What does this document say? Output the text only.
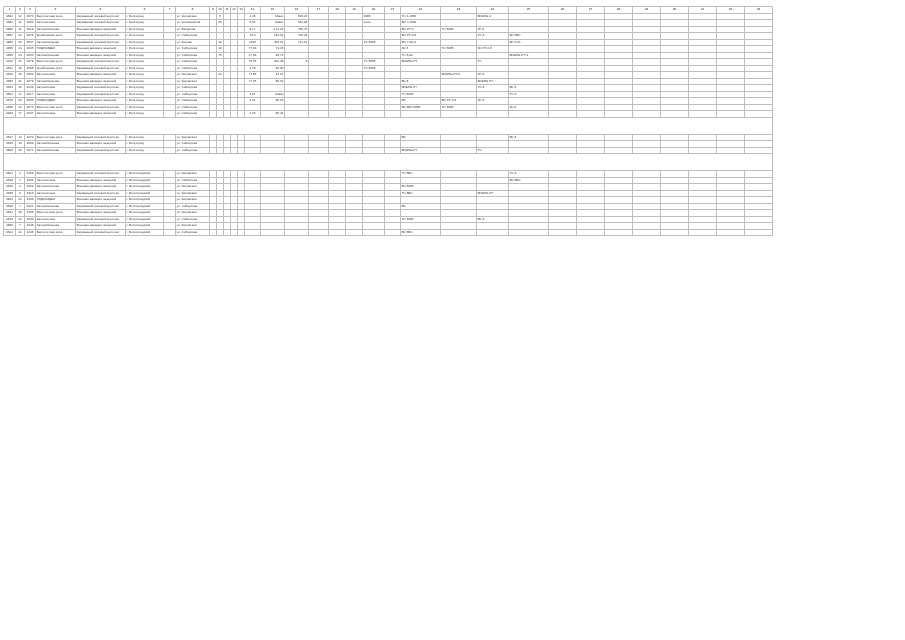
1	2	3	4	5	6	7	8	9	10	11	12	13	14	15	16	17	18	19	20	21	22	23	24	25	26	27	28	29	30	31	32	33
4821	12	4070	Вертолетная рота	Карманный полевой вертолет	г. Болгоград		ул. Кировская		5				1,15	Мами	545,23				3986		ТС 4.1956		ВОЕНЕ А									
4682	11	4060	Автоколонна	Карманный полевой вертолет	г. Болгоград		ул. Космонавтов		25				5,64	Мами	521,96				Сель		ВО 3.1600											
4950	11	4019	Автомобильная	Военная авиация лазерной	г. Болгоград		ул. Бачурина						91,7	1 41,23	786,70						ВО РТ-0	ТС 5685	ЗС 8									
4997	21	4076	Крейсерская рота	Карманный полевой вертолет	г. Болгоград		ул. Сибирская						70,0	144,91	705,24						ВО РТ-0-8		ТС 8	ВС 8ВС								
4883	20	4037	Автомобильная	Карманный полевой вертолет	г. Болгоград		ул. Кирова		19				2100	304,21	711,51				ТС 5685		ВО 7-02-А			ВС 9.41								
4995	14	4035	ПОДРАЗДЕЛ.	Военная авиация лазерной	г. Болгоград		ул. Сибирская		10				77,09	74,43							ЗС 8	ТС 5685	ЗС РТ-0-8									
4995	24	4063	Автомобильная	Военная авиация лазерной	г. Болгоград		ул. Сибирская		76				17,56	48,71							ТС 8-82			ВОЕНЕ-РТ-А								
4702	21	4078	Вертолетная рота	Карманный полевой вертолет	г. Болгоград		ул. Сибирская						75,45	491,48	8				ТС 5685		ВОЕНЕ-РТ		ТС									
4611	16	4068	Крейсерская рота	Карманный полевой вертолет	г. Болгоград		ул. Сибирская						1,78	82,40					ТС 5685													
4646	19	4060	Автоколонна	Военная авиация лазерной	г. Болгоград		ул. Кировская		33				77,55	47,14								ВОЕНЕ-РТ-8	ЗС 8									
4950	21	4076	Автомобильная	Военная авиация лазерной	г. Болгоград		ул. Кировская						77,35	89,32							ВС 8		ВОЕНЕ РТ									
4633	19	4049	Автоколонна	Карманный полевой вертолет	г. Болгоград		ул. Сибирская														ВОЕНЕ РТ		ТС 8	ВС 8								
4651	17	4017	Автоколонна	Карманный полевой вертолет	г. Болгоград		ул. Сибирская						1,67	Мами							ТС 5685			ТС 8								
4978	20	4065	ПОДРАЗДЕЛ.	Военная авиация лазерной	г. Болгоград		ул. Сибирская						1,21	88,23							ВС	ВО РТ-0-8	ЗС 8									
4836	13	4073	Вертолетная рота	Карманный полевой вертолет	г. Болгоград		ул. Сибирская														ВС 8ВС 5685	ТС 5685		ЗС 8								
4949	17	4047	Автоколонна	Военная авиация лазерной	г. Болгоград		ул. Сибирская						1,15	85,44																		

4617	14	4070	Вертолетная рота	Карманный полевой вертолет	г. Болгоград		ул. Кировская														ВС			ВС 8								
4635	19	4069	Автомобильная	Военная авиация лазерной	г. Болгоград		ул. Сибирская																									
4603	15	4071	Автомобильная	Карманный полевой вертолет	г. Болгоград		ул. Сибирская														ВОЕНЕ-РТ		ТС									

4621	1	4305	Вертолетная рота	Карманный полевой вертолет	г. Волгоградский		ул. Кировская														ТС 8ВС			ТС 8								
4618	1	4301	Автоколонна	Военная авиация лазерной	г. Волгоградский		ул. Сибирская																	ВС 8ВС								
4640	4	4309	Автомобильная	Военная авиация лазерной	г. Волгоградский		ул. Кировская														ВС 5685											
4645	8	4310	Автоколонна	Карманный полевой вертолет	г. Волгоградский		ул. Кировская														ТС 8ВС		ВОЕНЕ-РТ									
4603	21	4338	ПОДРАЗДЕЛ.	Военная авиация лазерной	г. Волгоградский		ул. Кировская																									
4636	7	4321	Автомобильная	Карманный полевой вертолет	г. Волгоградский		ул. Сибирская														ВС											
4641	18	4335	Вертолетная рота	Военная авиация лазерной	г. Волгоградский		ул. Кировская																									
4643	13	4330	Автоколонна	Карманный полевой вертолет	г. Волгоградский		ул. Сибирская														ТС 5685		ВС 8									
4680	7	4346	Автомобильная	Военная авиация лазерной	г. Волгоградский		ул. Кировская																									
4641	12	4346	Вертолетная рота	Карманный полевой вертолет	г. Волгоградский		ул. Сибирская														ВС 8ВС											
